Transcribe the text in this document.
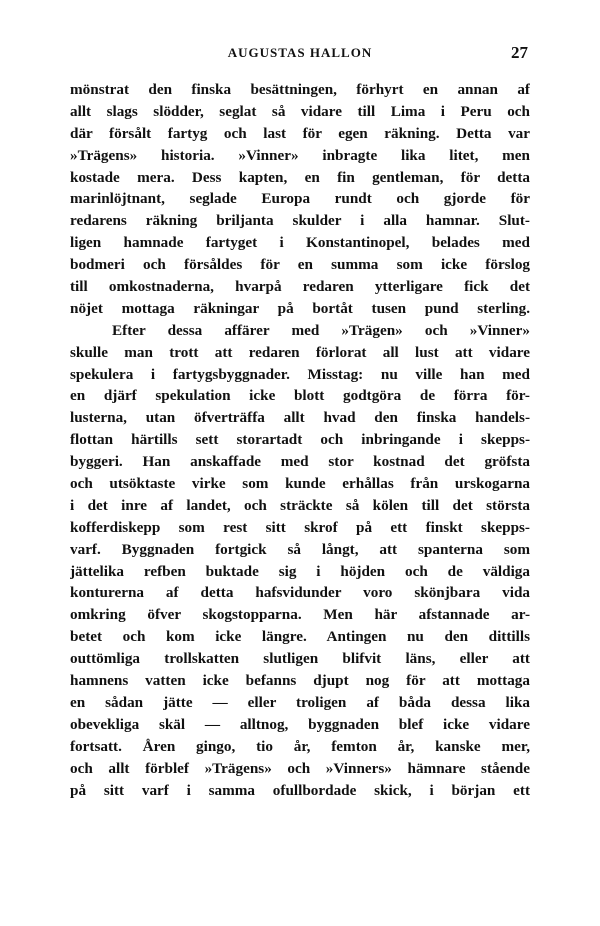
AUGUSTAS HALLON	27
mönstrat den finska besättningen, förhyrt en annan af
allt slags slödder, seglat så vidare till Lima i Peru och
där försålt fartyg och last för egen räkning. Detta var
»Trägens» historia. »Vinner» inbragte lika litet, men
kostade mera. Dess kapten, en fin gentleman, för detta
marinlöjtnant, seglade Europa rundt och gjorde för
redarens räkning briljanta skulder i alla hamnar. Slut-
ligen hamnade fartyget i Konstantinopel, belades med
bodmeri och försåldes för en summa som icke förslog
till omkostnaderna, hvarpå redaren ytterligare fick det
nöjet mottaga räkningar på bortåt tusen pund sterling.
Efter dessa affärer med »Trägen» och »Vinner»
skulle man trott att redaren förlorat all lust att vidare
spekulera i fartygsbyggnader. Misstag: nu ville han med
en djärf spekulation icke blott godtgöra de förra för-
lusterna, utan öfverträffa allt hvad den finska handels-
flottan härtills sett storartadt och inbringande i skepps-
byggeri. Han anskaffade med stor kostnad det gröfsta
och utsöktaste virke som kunde erhållas från urskogarna
i det inre af landet, och sträckte så kölen till det största
kofferdiskepp som rest sitt skrof på ett finskt skepps-
varf. Byggnaden fortgick så långt, att spanterna som
jättelika refben buktade sig i höjden och de väldiga
konturerna af detta hafsvidunder voro skönjbara vida
omkring öfver skogstopparna. Men här afstannade ar-
betet och kom icke längre. Antingen nu den dittills
outtömliga trollskatten slutligen blifvit läns, eller att
hamnens vatten icke befanns djupt nog för att mottaga
en sådan jätte — eller troligen af båda dessa lika
obevekliga skäl — alltnog, byggnaden blef icke vidare
fortsatt. Åren gingo, tio år, femton år, kanske mer,
och allt förblef »Trägens» och »Vinners» hämnare stående
på sitt varf i samma ofullbordade skick, i början ett
